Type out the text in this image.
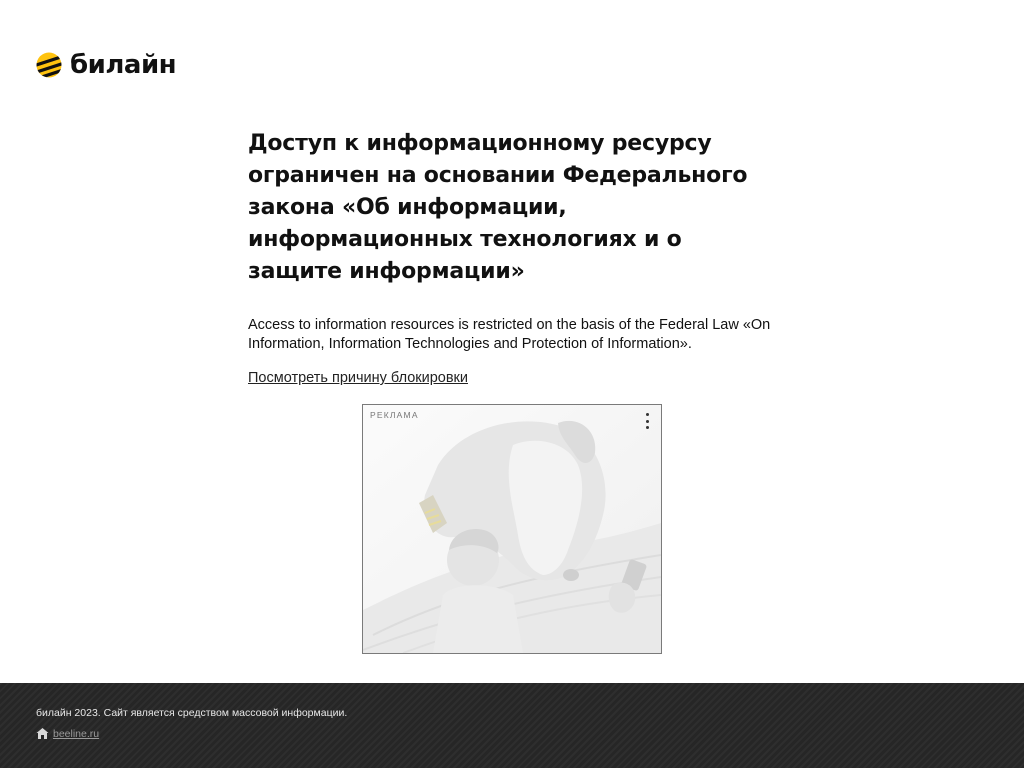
билайн
Доступ к информационному ресурсу ограничен на основании Федерального закона «Об информации, информационных технологиях и о защите информации»

Access to information resources is restricted on the basis of the Federal Law «On Information, Information Technologies and Protection of Information».

Посмотреть причину блокировки
РЕКЛАМА
билайн 2023. Сайт является средством массовой информации.
beeline.ru
